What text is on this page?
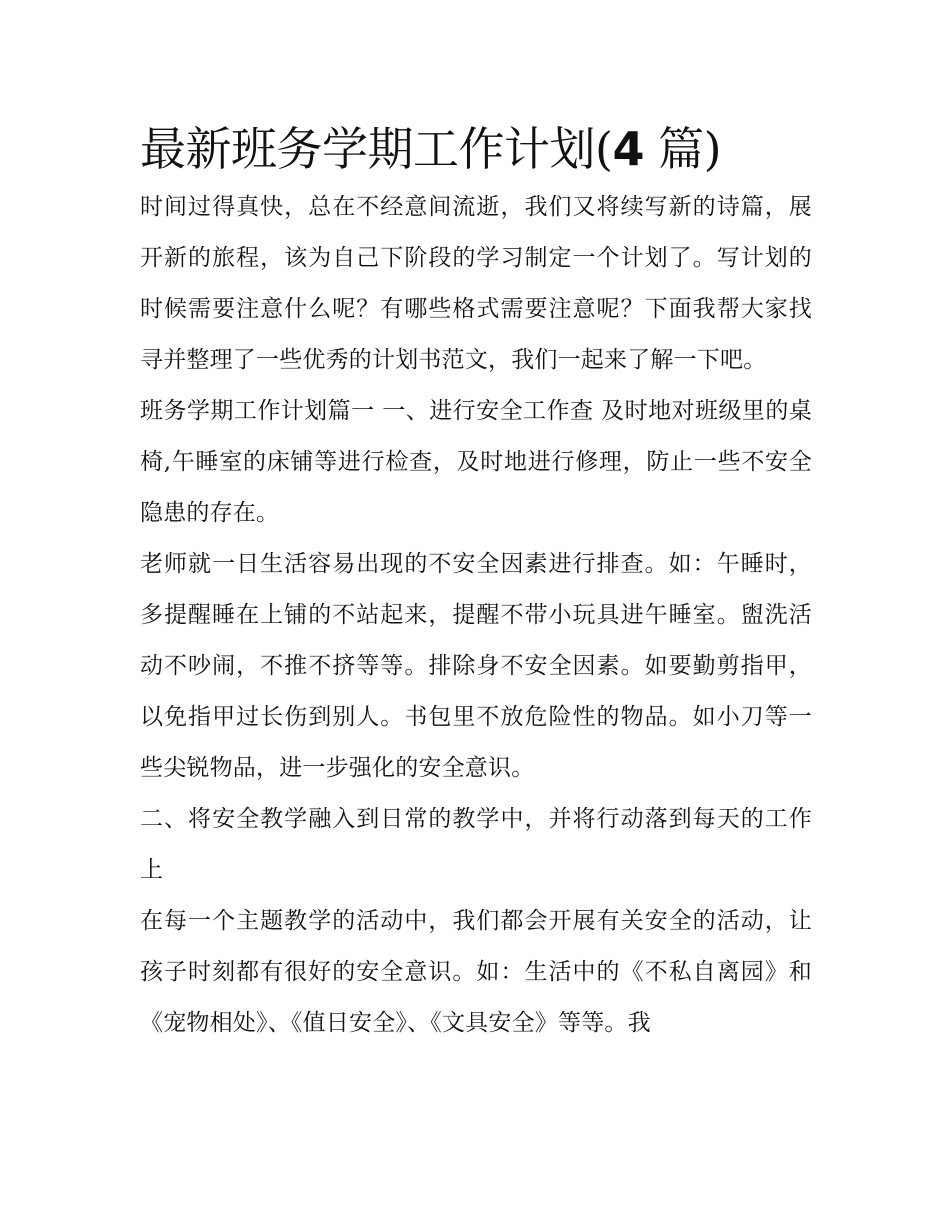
最新班务学期工作计划(4 篇)

时间过得真快，总在不经意间流逝，我们又将续写新的诗篇，展开新的旅程，该为自己下阶段的学习制定一个计划了。写计划的时候需要注意什么呢？有哪些格式需要注意呢？下面我帮大家找寻并整理了一些优秀的计划书范文，我们一起来了解一下吧。

班务学期工作计划篇一 一、进行安全工作查 及时地对班级里的桌椅,午睡室的床铺等进行检查，及时地进行修理，防止一些不安全隐患的存在。

老师就一日生活容易出现的不安全因素进行排查。如：午睡时，多提醒睡在上铺的不站起来，提醒不带小玩具进午睡室。盥洗活动不吵闹，不推不挤等等。排除身不安全因素。如要勤剪指甲，以免指甲过长伤到别人。书包里不放危险性的物品。如小刀等一些尖锐物品，进一步强化的安全意识。

二、将安全教学融入到日常的教学中，并将行动落到每天的工作上

在每一个主题教学的活动中，我们都会开展有关安全的活动，让孩子时刻都有很好的安全意识。如：生活中的《不私自离园》和《宠物相处》、《值日安全》、《文具安全》等等。我
